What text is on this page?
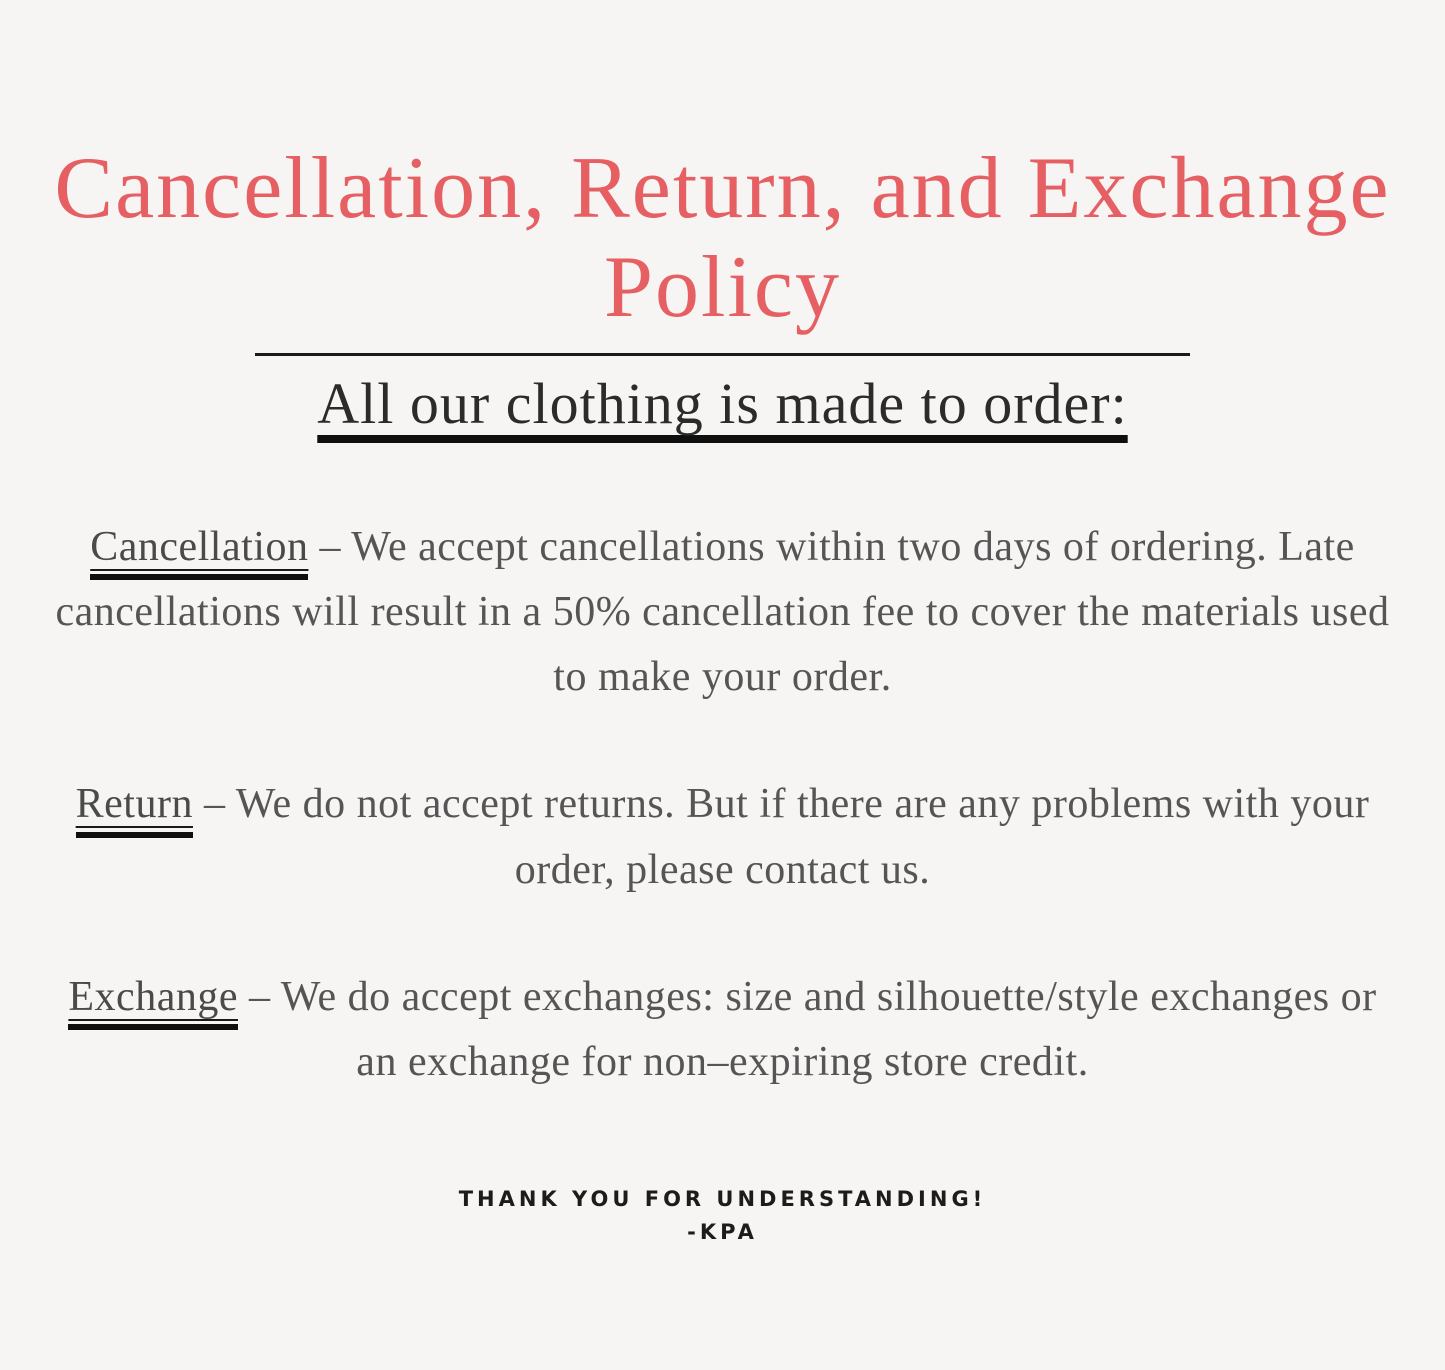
Cancellation, Return, and Exchange
Policy
All our clothing is made to order:

Cancellation – We accept cancellations within two days of ordering. Late cancellations will result in a 50% cancellation fee to cover the materials used to make your order.

Return – We do not accept returns. But if there are any problems with your order, please contact us.

Exchange – We do accept exchanges: size and silhouette/style exchanges or an exchange for non–expiring store credit.

THANK YOU FOR UNDERSTANDING!
-KPA
